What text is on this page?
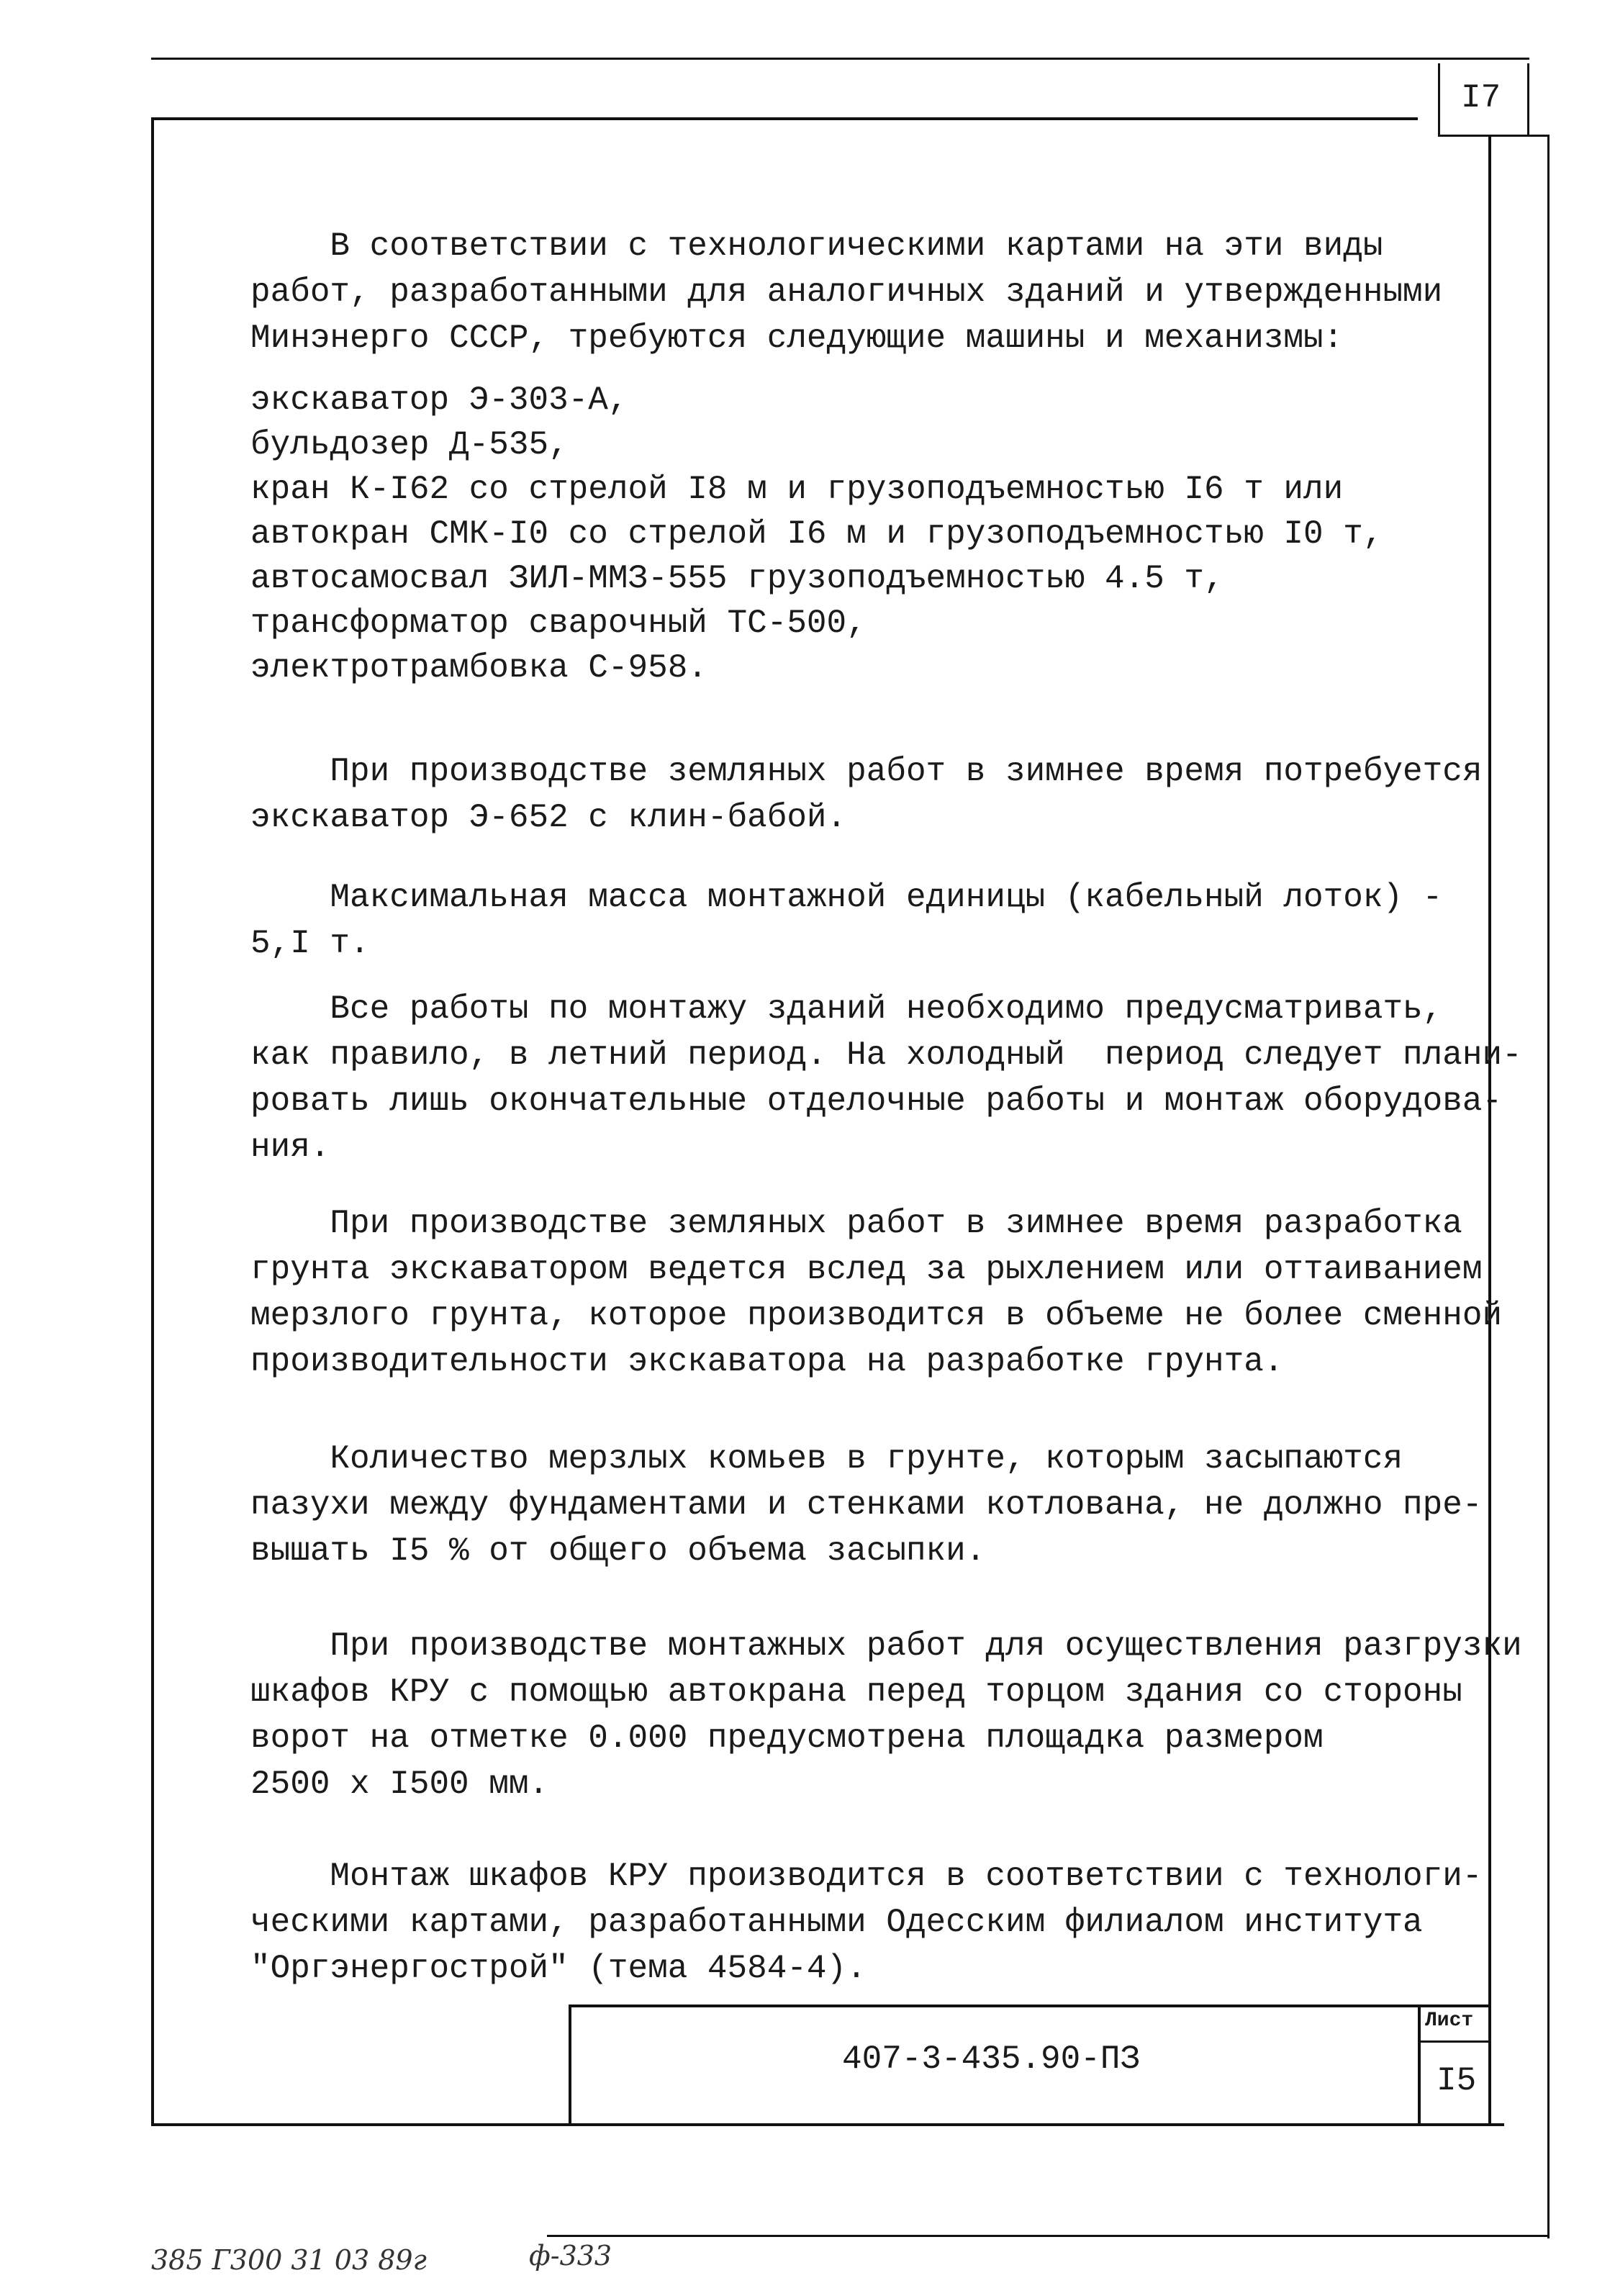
I7
В соответствии с технологическими картами на эти виды
работ, разработанными для аналогичных зданий и утвержденными
Минэнерго СССР, требуются следующие машины и механизмы:
экскаватор Э-303-А,
бульдозер Д-535,
кран К-I62 со стрелой I8 м и грузоподъемностью I6 т или
автокран СМК-I0 со стрелой I6 м и грузоподъемностью I0 т,
автосамосвал ЗИЛ-ММЗ-555 грузоподъемностью 4.5 т,
трансформатор сварочный ТС-500,
электротрамбовка С-958.
При производстве земляных работ в зимнее время потребуется
экскаватор Э-652 с клин-бабой.
Максимальная масса монтажной единицы (кабельный лоток) -
5,I т.
Все работы по монтажу зданий необходимо предусматривать,
как правило, в летний период. На холодный  период следует плани-
ровать лишь окончательные отделочные работы и монтаж оборудова-
ния.
При производстве земляных работ в зимнее время разработка
грунта экскаватором ведется вслед за рыхлением или оттаиванием
мерзлого грунта, которое производится в объеме не более сменной
производительности экскаватора на разработке грунта.
Количество мерзлых комьев в грунте, которым засыпаются
пазухи между фундаментами и стенками котлована, не должно пре-
вышать I5 % от общего объема засыпки.
При производстве монтажных работ для осуществления разгрузки
шкафов КРУ с помощью автокрана перед торцом здания со стороны
ворот на отметке 0.000 предусмотрена площадка размером
2500 х I500 мм.
Монтаж шкафов КРУ производится в соответствии с технологи-
ческими картами, разработанными Одесским филиалом института
"Оргэнергострой" (тема 4584-4).
407-3-435.90-ПЗ
Лист
I5
385 Г300 31 03 89г	ф-333
